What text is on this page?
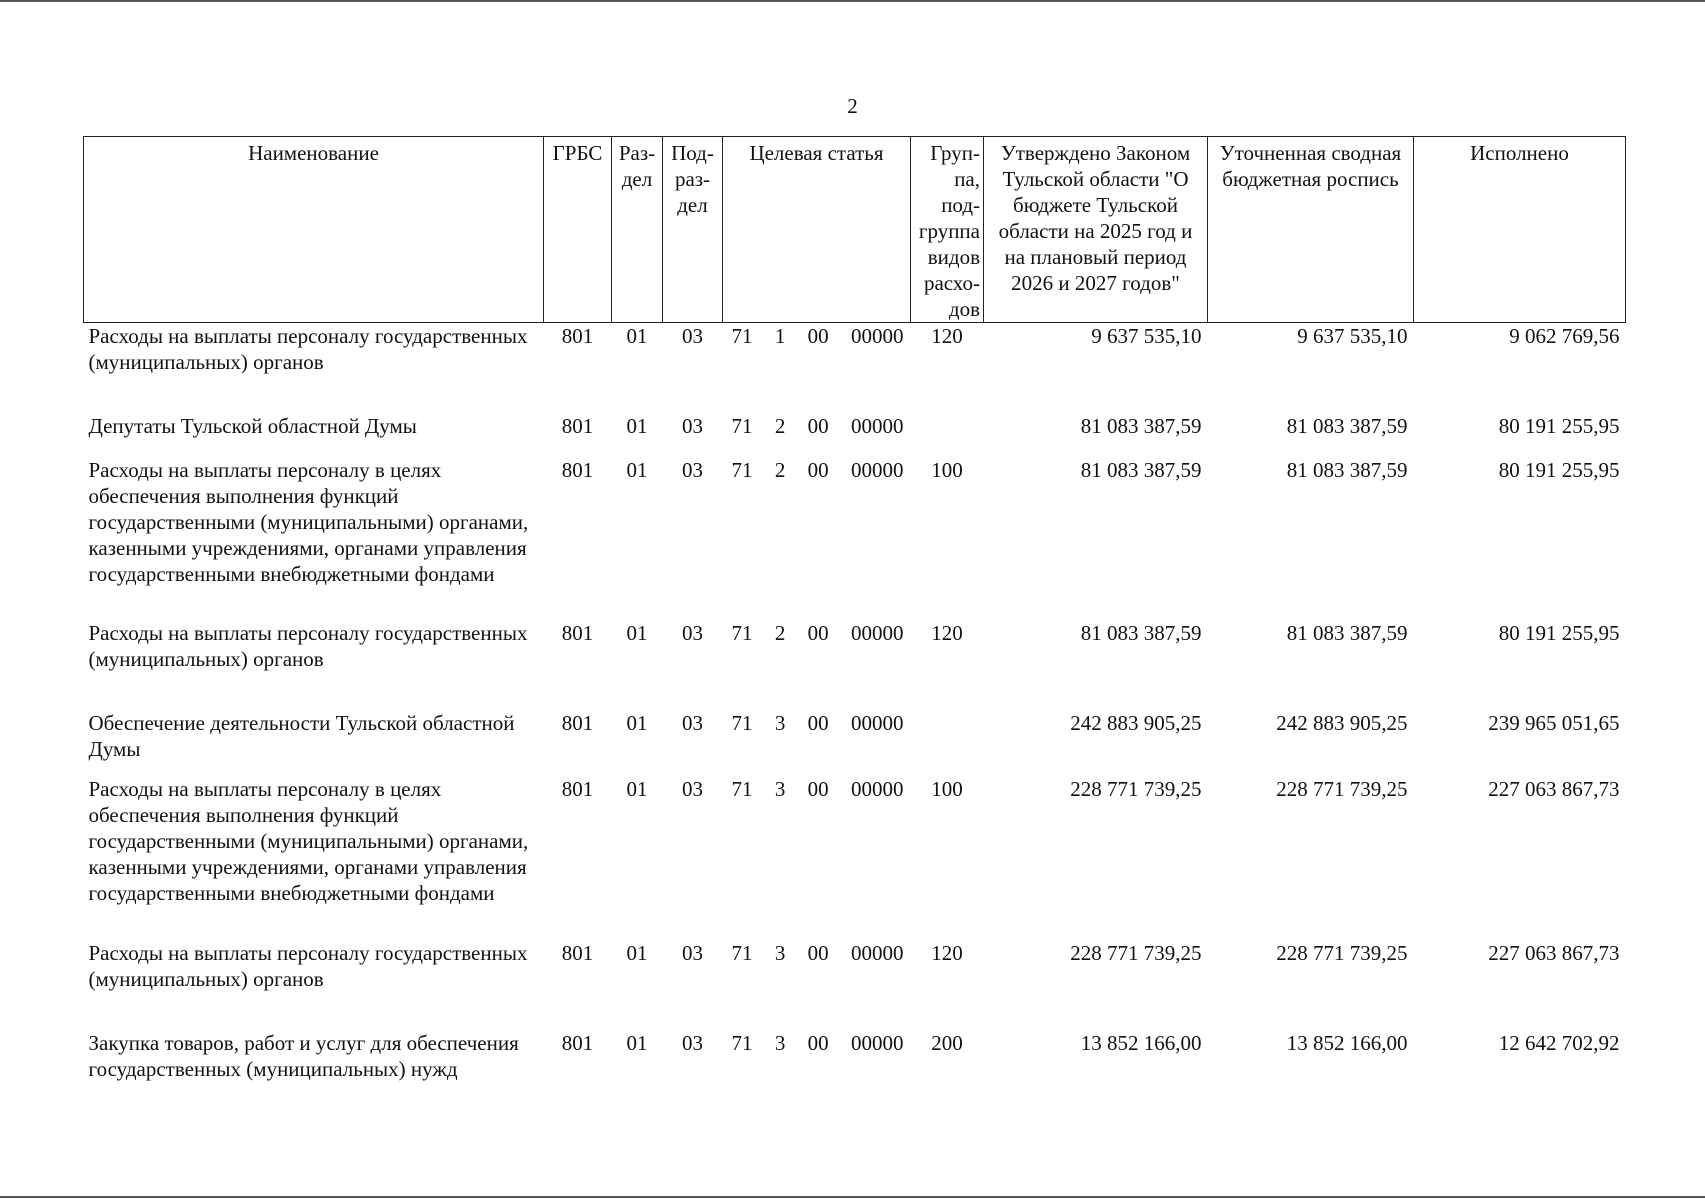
2
Наименование	ГРБС	Раз-дел	Под-раз-дел	Целевая статья	Груп-па, под-группа видов расхо-дов	Утверждено Законом Тульской области "О бюджете Тульской области на 2025 год и на плановый период 2026 и 2027 годов"	Уточненная сводная бюджетная роспись	Исполнено
Расходы на выплаты персоналу государственных (муниципальных) органов	801	01	03	71 1 00 00000	120	9 637 535,10	9 637 535,10	9 062 769,56
Депутаты Тульской областной Думы	801	01	03	71 2 00 00000		81 083 387,59	81 083 387,59	80 191 255,95
Расходы на выплаты персоналу в целях обеспечения выполнения функций государственными (муниципальными) органами, казенными учреждениями, органами управления государственными внебюджетными фондами	801	01	03	71 2 00 00000	100	81 083 387,59	81 083 387,59	80 191 255,95
Расходы на выплаты персоналу государственных (муниципальных) органов	801	01	03	71 2 00 00000	120	81 083 387,59	81 083 387,59	80 191 255,95
Обеспечение деятельности Тульской областной Думы	801	01	03	71 3 00 00000		242 883 905,25	242 883 905,25	239 965 051,65
Расходы на выплаты персоналу в целях обеспечения выполнения функций государственными (муниципальными) органами, казенными учреждениями, органами управления государственными внебюджетными фондами	801	01	03	71 3 00 00000	100	228 771 739,25	228 771 739,25	227 063 867,73
Расходы на выплаты персоналу государственных (муниципальных) органов	801	01	03	71 3 00 00000	120	228 771 739,25	228 771 739,25	227 063 867,73
Закупка товаров, работ и услуг для обеспечения государственных (муниципальных) нужд	801	01	03	71 3 00 00000	200	13 852 166,00	13 852 166,00	12 642 702,92
